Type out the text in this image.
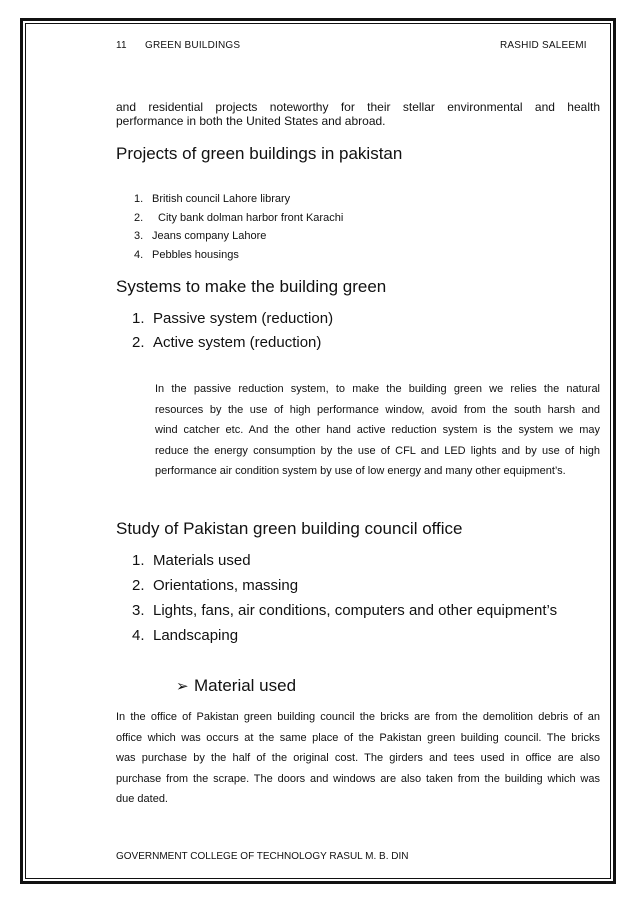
11 GREEN BUILDINGS	RASHID SALEEMI
and residential projects noteworthy for their stellar environmental and health
performance in both the United States and abroad.
Projects of green buildings in pakistan
1. British council Lahore library
2. City bank dolman harbor front Karachi
3. Jeans company Lahore
4. Pebbles housings
Systems to make the building green
1. Passive system (reduction)
2. Active system (reduction)
In the passive reduction system, to make the building green we relies the natural
resources by the use of high performance window, avoid from the south harsh and
wind catcher etc. And the other hand active reduction system is the system we may
reduce the energy consumption by the use of CFL and LED lights and by use of high
performance air condition system by use of low energy and many other equipment’s.
Study of Pakistan green building council office
1. Materials used
2. Orientations, massing
3. Lights, fans, air conditions, computers and other equipment’s
4. Landscaping
➢ Material used
In the office of Pakistan green building council the bricks are from the demolition debris of an
office which was occurs at the same place of the Pakistan green building council. The bricks
was purchase by the half of the original cost. The girders and tees used in office are also
purchase from the scrape. The doors and windows are also taken from the building which was
due dated.
GOVERNMENT COLLEGE OF TECHNOLOGY RASUL M. B. DIN
